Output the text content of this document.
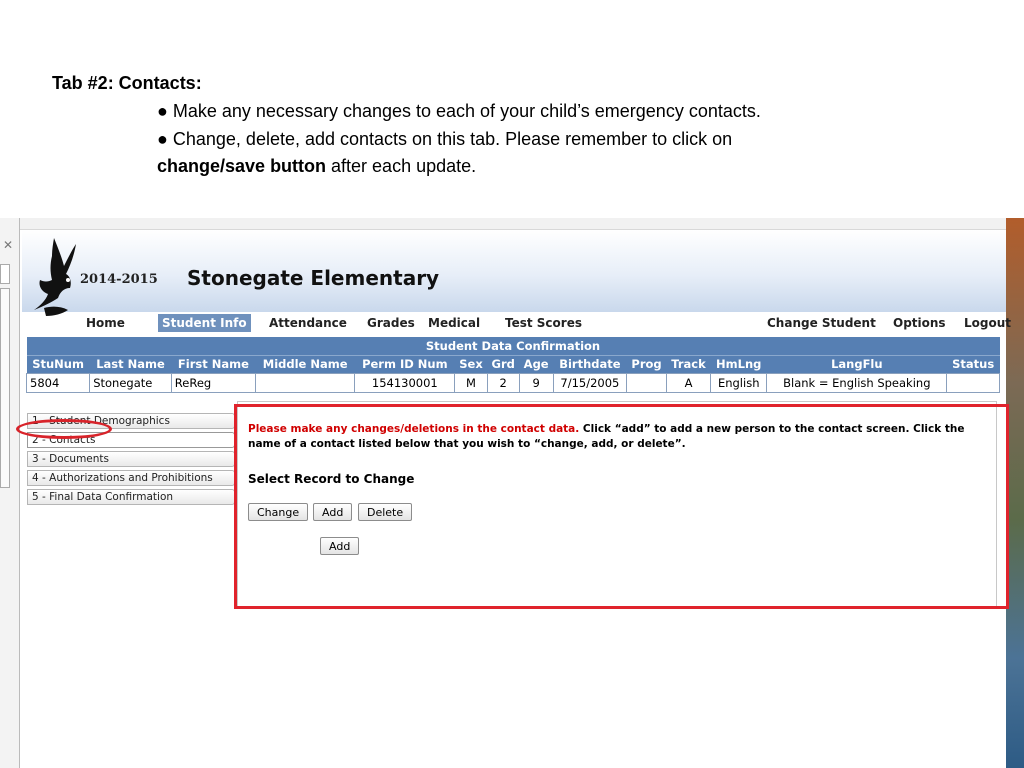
Tab #2: Contacts:
● Make any necessary changes to each of your child’s emergency contacts.
● Change, delete, add contacts on this tab. Please remember to click on
change/save button after each update.
✕
2014-2015 Stonegate Elementary
Home	Student Info	Attendance	Grades	Medical	Test Scores	Change Student	Options	Logout
Student Data Confirmation													
StuNum	Last Name	First Name	Middle Name	Perm ID Num	Sex	Grd	Age	Birthdate	Prog	Track	HmLng	LangFlu	Status
5804	Stonegate	ReReg		154130001	M	2	9	7/15/2005		A	English	Blank = English Speaking	
1 - Student Demographics
2 - Contacts
3 - Documents
4 - Authorizations and Prohibitions
5 - Final Data Confirmation
Please make any changes/deletions in the contact data. Click “add” to add a new person to the contact screen. Click the name of a contact listed below that you wish to “change, add, or delete”.
Select Record to Change
Change	Add	Delete
Add
